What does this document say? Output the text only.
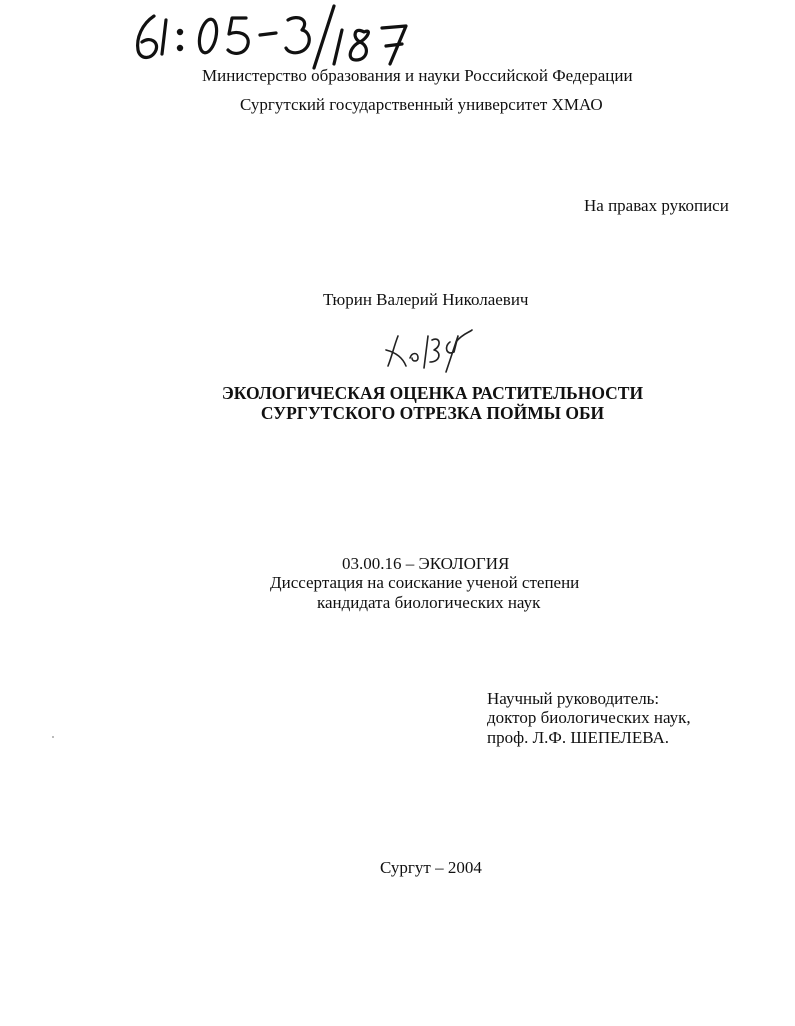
Министерство образования и науки Российской Федерации
Сургутский государственный университет ХМАО
На правах рукописи
Тюрин Валерий Николаевич
ЭКОЛОГИЧЕСКАЯ ОЦЕНКА РАСТИТЕЛЬНОСТИ
СУРГУТСКОГО ОТРЕЗКА ПОЙМЫ ОБИ
03.00.16 – ЭКОЛОГИЯ
Диссертация на соискание ученой степени
кандидата биологических наук
Научный руководитель:
доктор биологических наук,
проф. Л.Ф. ШЕПЕЛЕВА.
Сургут – 2004
